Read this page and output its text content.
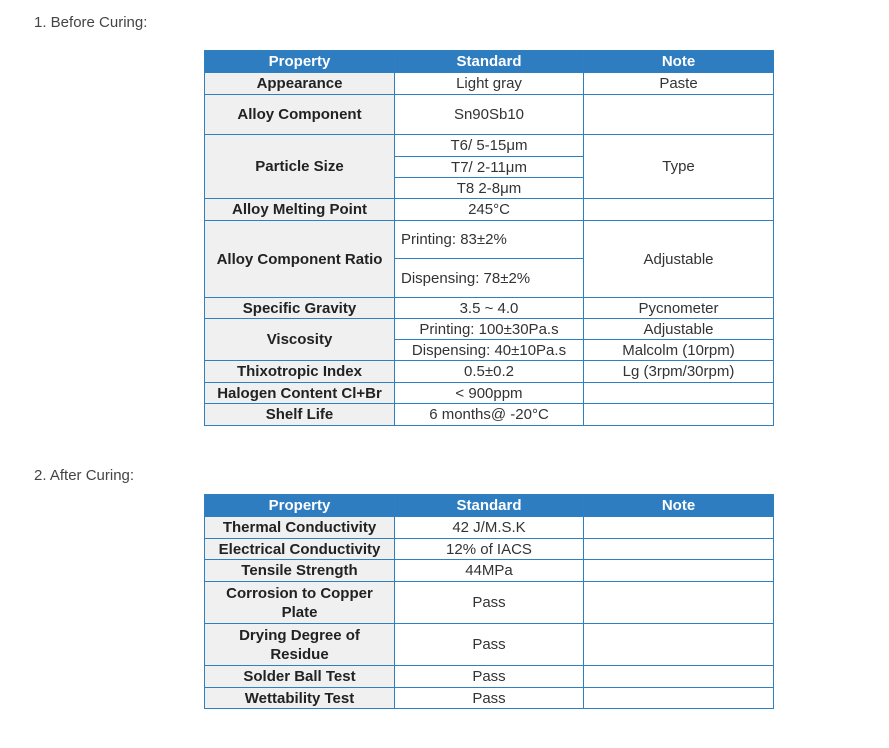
1. Before Curing:
Property	Standard	Note
Appearance	Light gray	Paste
Alloy Component	Sn90Sb10	
Particle Size	T6/ 5-15μm	Type
	T7/ 2-11μm	
	T8 2-8μm	
Alloy Melting Point	245°C	
Alloy Component Ratio	Printing: 83±2%	Adjustable
	Dispensing: 78±2%	
Specific Gravity	3.5 ~ 4.0	Pycnometer
Viscosity	Printing: 100±30Pa.s	Adjustable
	Dispensing: 40±10Pa.s	Malcolm (10rpm)
Thixotropic Index	0.5±0.2	Lg (3rpm/30rpm)
Halogen Content Cl+Br	< 900ppm	
Shelf Life	6 months@ -20°C	
2. After Curing:
Property	Standard	Note
Thermal Conductivity	42 J/M.S.K	
Electrical Conductivity	12% of IACS	
Tensile Strength	44MPa	
Corrosion to Copper Plate	Pass	
Drying Degree of Residue	Pass	
Solder Ball Test	Pass	
Wettability Test	Pass	
